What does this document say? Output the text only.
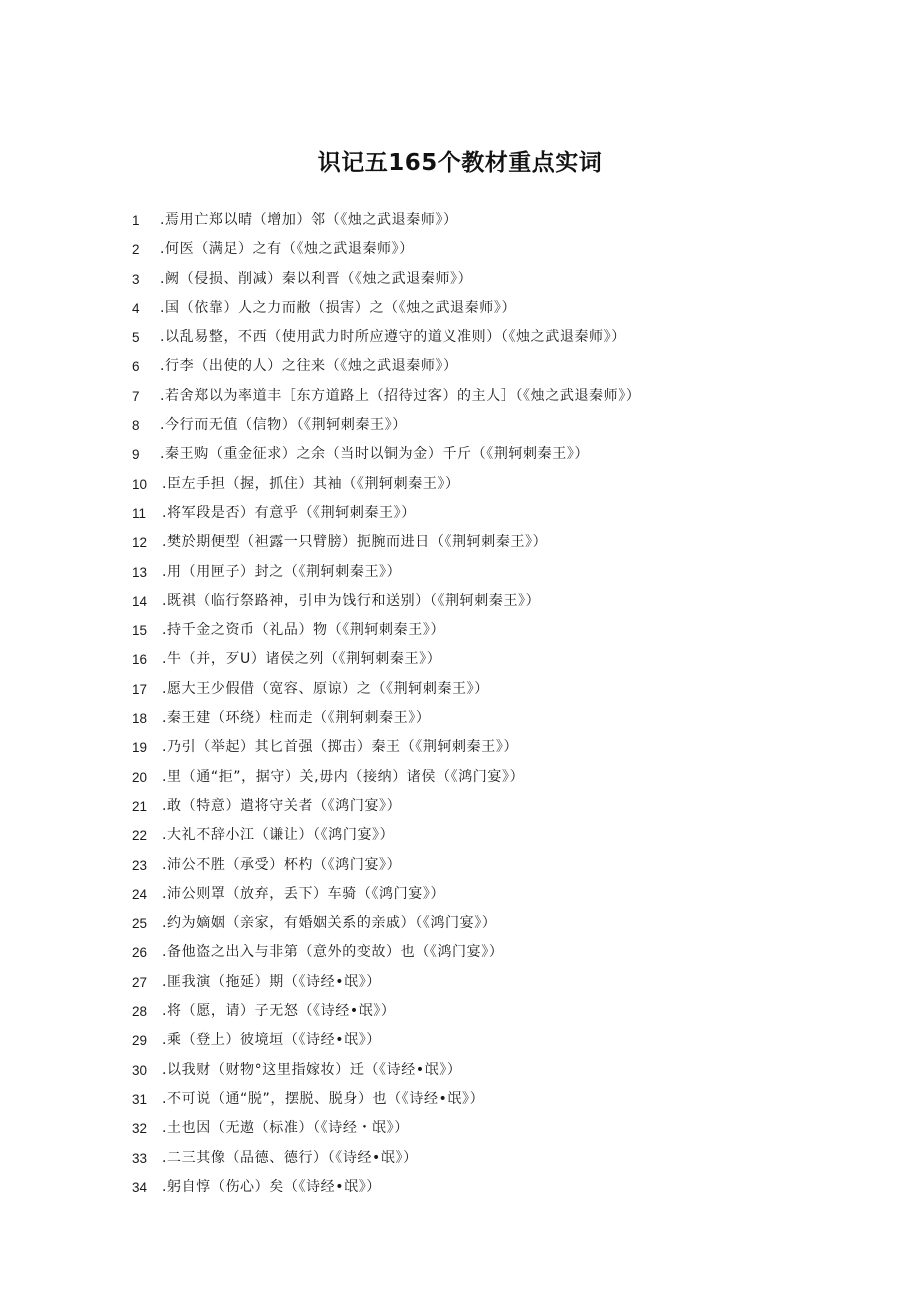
识记五165个教材重点实词
1	.焉用亡郑以晴（增加）邻（《烛之武退秦师》）
2	.何医（满足）之有（《烛之武退秦师》）
3	.阙（侵损、削减）秦以利晋（《烛之武退秦师》）
4	.国（依靠）人之力而敝（损害）之（《烛之武退秦师》）
5	.以乱易整，不西（使用武力时所应遵守的道义准则）（《烛之武退秦师》）
6	.行李（出使的人）之往来（《烛之武退秦师》）
7	.若舍郑以为率道丰［东方道路上（招待过客）的主人］（《烛之武退秦师》）
8	.今行而无值（信物）（《荆轲刺秦王》）
9	.秦王购（重金征求）之余（当时以铜为金）千斤（《荆轲刺秦王》）
10	.臣左手担（握，抓住）其袖（《荆轲刺秦王》）
11	.将军段是否）有意乎（《荆轲刺秦王》）
12	.樊於期便型（袒露一只臂膀）扼腕而进日（《荆轲刺秦王》）
13	.用（用匣子）封之（《荆轲刺秦王》）
14	.既祺（临行祭路神，引申为饯行和送别）（《荆轲刺秦王》）
15	.持千金之资币（礼品）物（《荆轲刺秦王》）
16	.牛（并，歹U）诸侯之列（《荆轲刺秦王》）
17	.愿大王少假借（宽容、原谅）之（《荆轲刺秦王》）
18	.秦王建（环绕）柱而走（《荆轲刺秦王》）
19	.乃引（举起）其匕首强（掷击）秦王（《荆轲刺秦王》）
20	.里（通“拒”，据守）关,毋内（接纳）诸侯（《鸿门宴》）
21	.敢（特意）遣将守关者（《鸿门宴》）
22	.大礼不辞小江（谦让）（《鸿门宴》）
23	.沛公不胜（承受）杯杓（《鸿门宴》）
24	.沛公则罩（放弃，丢下）车骑（《鸿门宴》）
25	.约为嫡姻（亲家，有婚姻关系的亲戚）（《鸿门宴》）
26	.备他盗之出入与非第（意外的变故）也（《鸿门宴》）
27	.匪我演（拖延）期（《诗经•氓》）
28	.将（愿，请）子无怒（《诗经•氓》）
29	.乘（登上）彼境垣（《诗经•氓》）
30	.以我财（财物°这里指嫁妆）迁（《诗经•氓》）
31	.不可说（通“脱”，摆脱、脱身）也（《诗经•氓》）
32	.土也因（无遨（标准）（《诗经・氓》）
33	.二三其像（品德、德行）（《诗经•氓》）
34	.躬自惇（伤心）矣（《诗经•氓》）
